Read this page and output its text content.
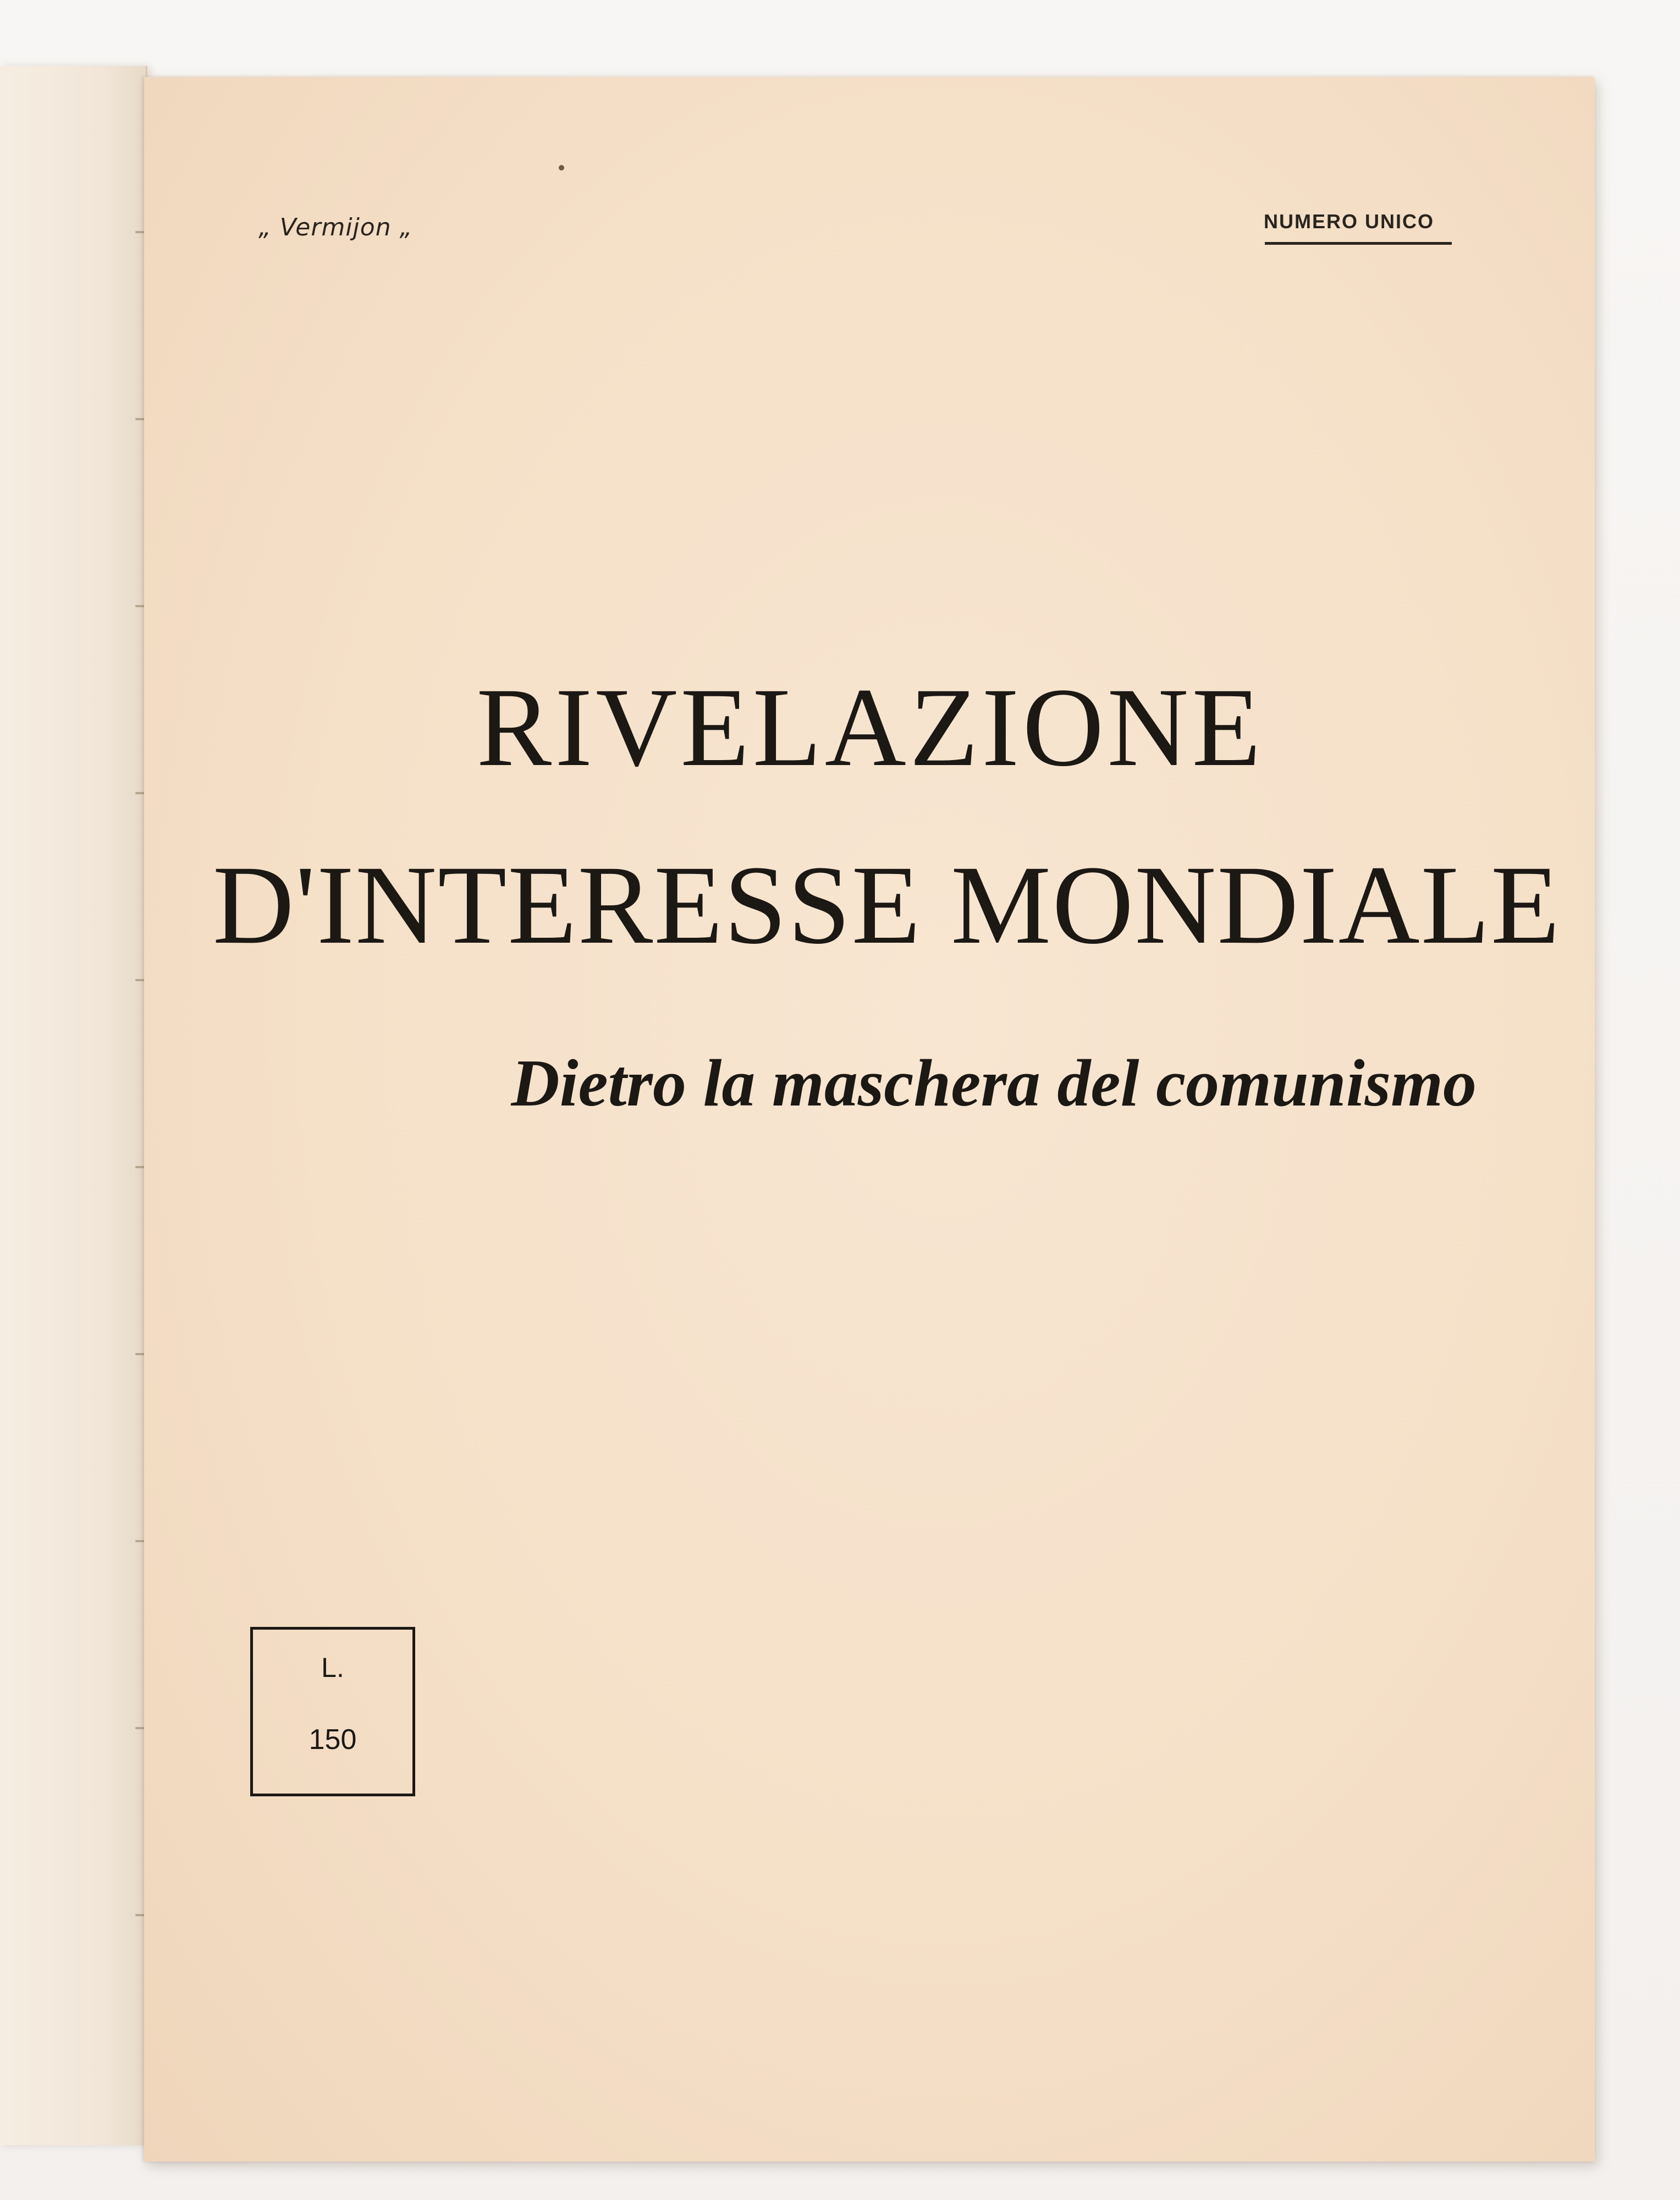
„ Vermijon „	NUMERO UNICO
RIVELAZIONE
D'INTERESSE MONDIALE
Dietro la maschera del comunismo
L.
150
